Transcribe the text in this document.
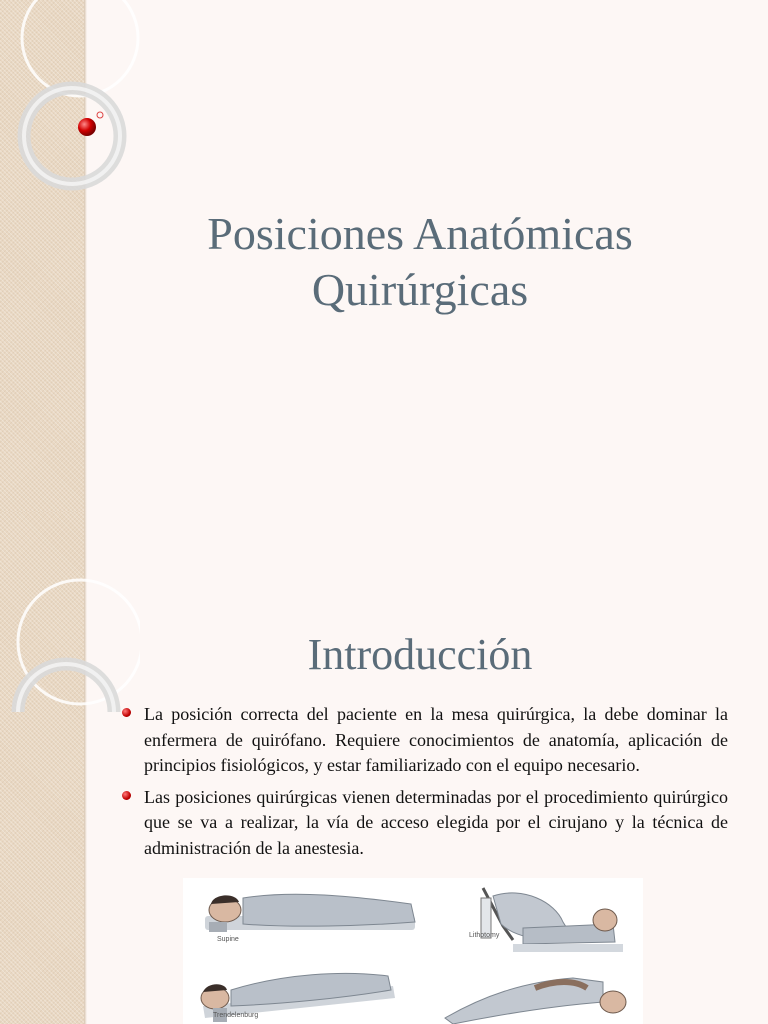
Posiciones Anatómicas Quirúrgicas
Introducción
La posición correcta del paciente en la mesa quirúrgica, la debe dominar la enfermera de quirófano. Requiere conocimientos de anatomía, aplicación de principios fisiológicos, y estar familiarizado con el equipo necesario.
Las posiciones quirúrgicas vienen determinadas por el procedimiento quirúrgico que se va a realizar, la vía de acceso elegida por el cirujano y la técnica de administración de la anestesia.
Supine
Lithotomy
Trendelenburg
